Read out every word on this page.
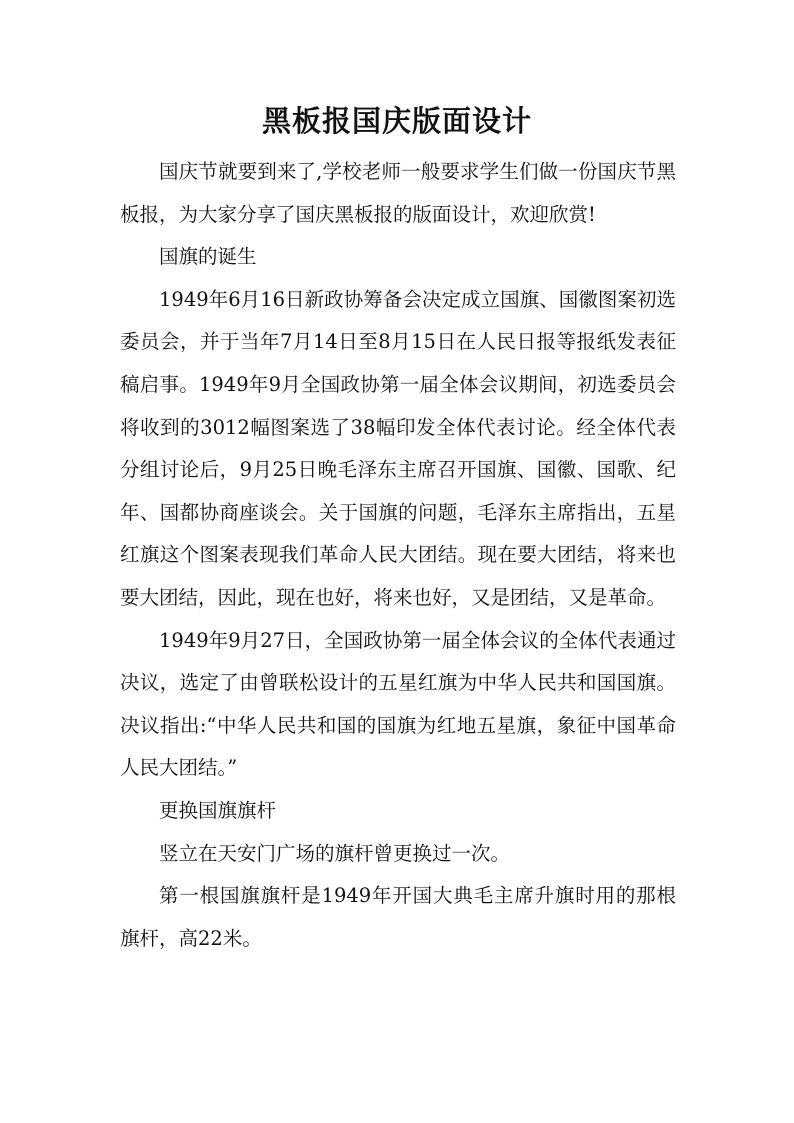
黑板报国庆版面设计

国庆节就要到来了,学校老师一般要求学生们做一份国庆节黑板报，为大家分享了国庆黑板报的版面设计，欢迎欣赏!

国旗的诞生

1949年6月16日新政协筹备会决定成立国旗、国徽图案初选委员会，并于当年7月14日至8月15日在人民日报等报纸发表征稿启事。1949年9月全国政协第一届全体会议期间，初选委员会将收到的3012幅图案选了38幅印发全体代表讨论。经全体代表分组讨论后，9月25日晚毛泽东主席召开国旗、国徽、国歌、纪年、国都协商座谈会。关于国旗的问题，毛泽东主席指出，五星红旗这个图案表现我们革命人民大团结。现在要大团结，将来也要大团结，因此，现在也好，将来也好，又是团结，又是革命。

1949年9月27日，全国政协第一届全体会议的全体代表通过决议，选定了由曾联松设计的五星红旗为中华人民共和国国旗。决议指出:“中华人民共和国的国旗为红地五星旗，象征中国革命人民大团结。”

更换国旗旗杆

竖立在天安门广场的旗杆曾更换过一次。

第一根国旗旗杆是1949年开国大典毛主席升旗时用的那根旗杆，高22米。
